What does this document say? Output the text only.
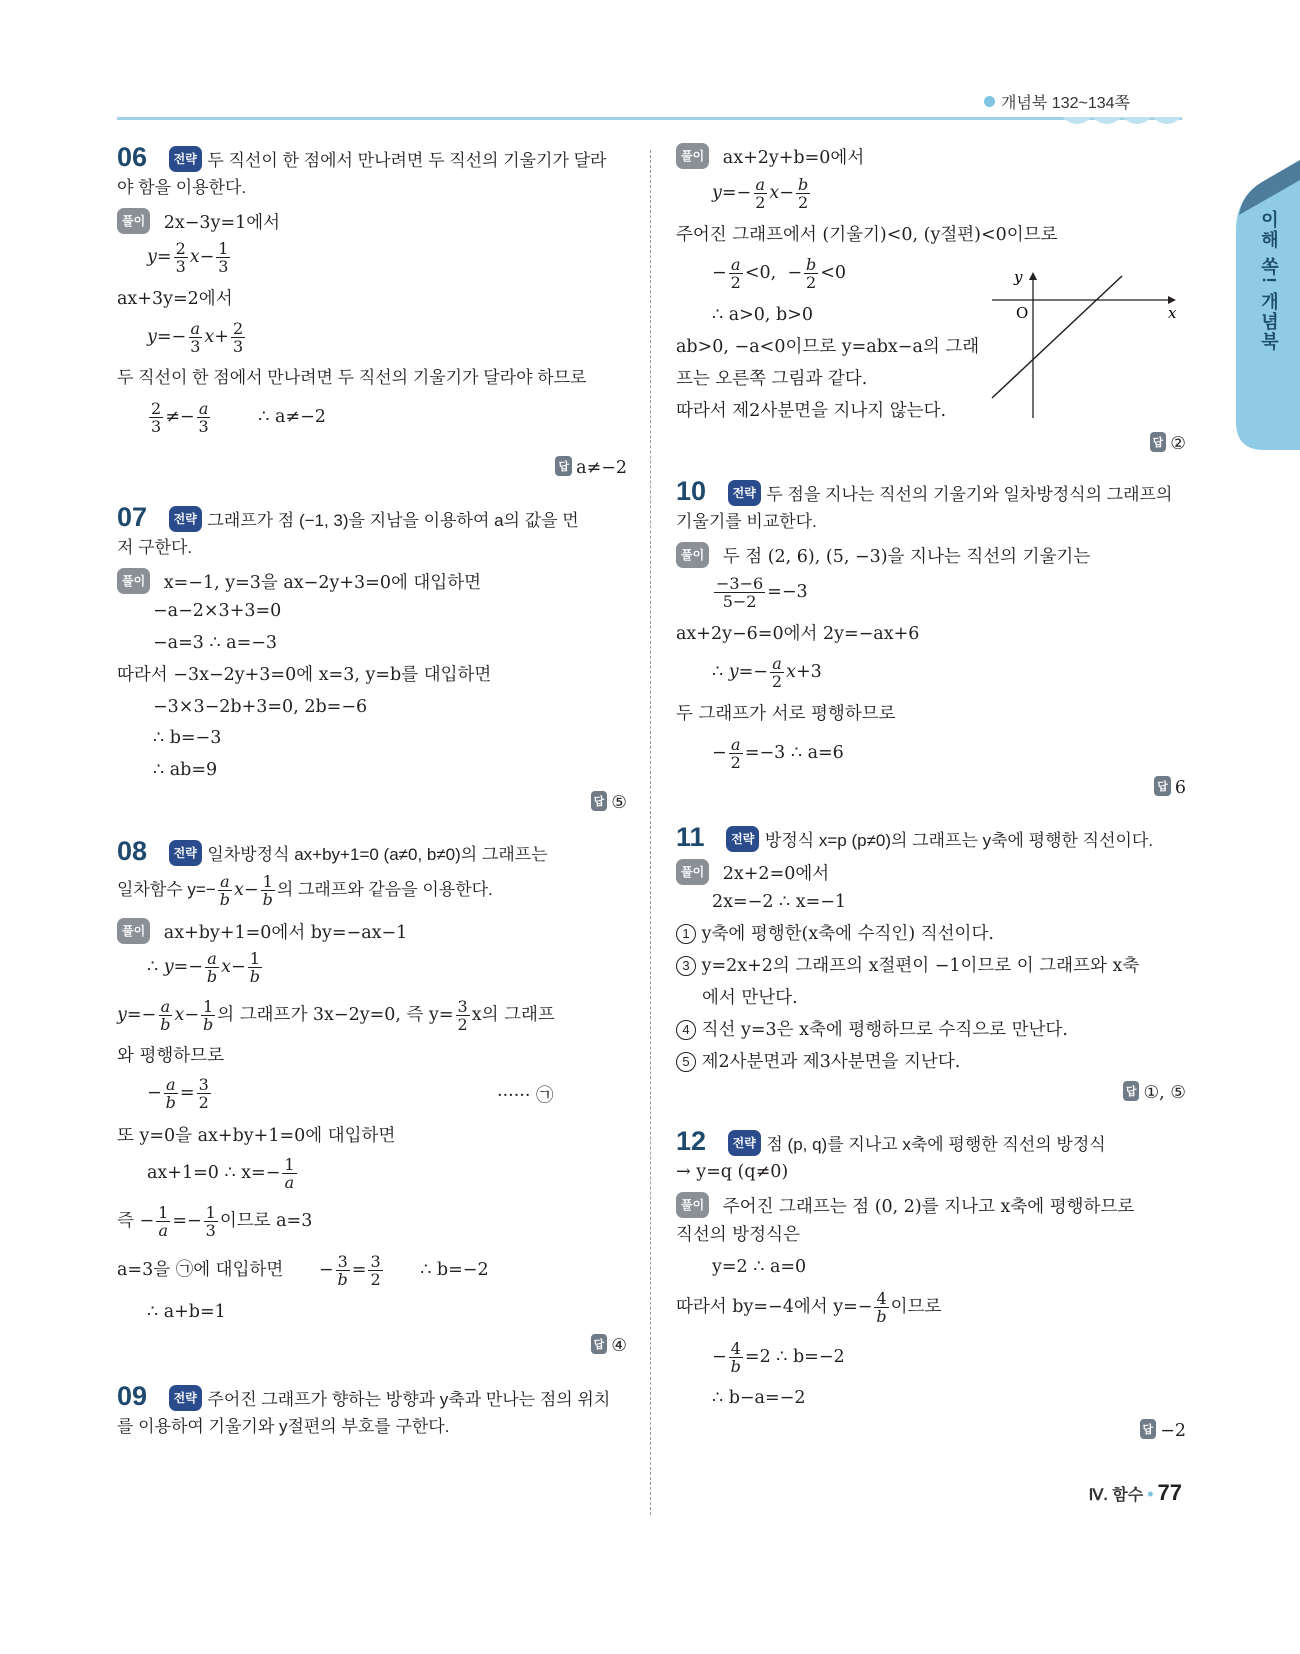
개념북 132~134쪽
이해 쏙! 개념북
06 전략 두 직선이 한 점에서 만나려면 두 직선의 기울기가 달라
야 함을 이용한다.
풀이 2x−3y=1에서
$y= \frac{2}{3} x- \frac{1}{3}$
ax+3y=2에서
$y=- \frac{a}{3} x+ \frac{2}{3}$
두 직선이 한 점에서 만나려면 두 직선의 기울기가 달라야 하므로
$\frac{2}{3} \ne- \frac{a}{3}$	∴ a≠−2
답 a≠−2
07 전략 그래프가 점 (−1, 3)을 지남을 이용하여 a의 값을 먼
저 구한다.
풀이 x=−1, y=3을 ax−2y+3=0에 대입하면
−a−2×3+3=0
−a=3 ∴ a=−3
따라서 −3x−2y+3=0에 x=3, y=b를 대입하면
−3×3−2b+3=0, 2b=−6
∴ b=−3
∴ ab=9
답 ⑤
08 전략 일차방정식 ax+by+1=0 (a≠0, b≠0)의 그래프는
일차함수 $y=- \frac{a}{b} x- \frac{1}{b}$ 의 그래프와 같음을 이용한다.
풀이 ax+by+1=0에서 by=−ax−1
∴ $y=- \frac{a}{b} x- \frac{1}{b}$
$y=- \frac{a}{b} x- \frac{1}{b}$ 의 그래프가 3x−2y=0, 즉 $y= \frac{3}{2}$ x의 그래프
와 평행하므로
− $\frac{a}{b} = \frac{3}{2}$	······ ㉠
또 y=0을 ax+by+1=0에 대입하면
ax+1=0 ∴ $x=- \frac{1}{a}$
즉 − $\frac{1}{a} =- \frac{1}{3}$ 이므로 a=3
a=3을 ㉠에 대입하면 − $\frac{3}{b} = \frac{3}{2}$ ∴ b=−2
∴ a+b=1
답 ④
09 전략 주어진 그래프가 향하는 방향과 y축과 만나는 점의 위치
를 이용하여 기울기와 y절편의 부호를 구한다.
풀이 ax+2y+b=0에서
$y=- \frac{a}{2} x- \frac{b}{2}$
주어진 그래프에서 (기울기)<0, (y절편)<0이므로
− $\frac{a}{2} <0$,  − $\frac{b}{2} <0$
∴ a>0, b>0
ab>0, −a<0이므로 y=abx−a의 그래
프는 오른쪽 그림과 같다.
따라서 제2사분면을 지나지 않는다.
답 ②
10 전략 두 점을 지나는 직선의 기울기와 일차방정식의 그래프의
기울기를 비교한다.
풀이 두 점 (2, 6), (5, −3)을 지나는 직선의 기울기는
$\frac{-3-6}{5-2} =-3$
ax+2y−6=0에서 2y=−ax+6
∴ $y=- \frac{a}{2} x+3$
두 그래프가 서로 평행하므로
− $\frac{a}{2} =-3$ ∴ a=6
답 6
11 전략 방정식 x=p (p≠0)의 그래프는 y축에 평행한 직선이다.
풀이 2x+2=0에서
2x=−2 ∴ x=−1
1 y축에 평행한(x축에 수직인) 직선이다.
3 y=2x+2의 그래프의 x절편이 −1이므로 이 그래프와 x축
에서 만난다.
4 직선 y=3은 x축에 평행하므로 수직으로 만난다.
5 제2사분면과 제3사분면을 지난다.
답 ①, ⑤
12 전략 점 (p, q)를 지나고 x축에 평행한 직선의 방정식
→ y=q (q≠0)
풀이 주어진 그래프는 점 (0, 2)를 지나고 x축에 평행하므로
직선의 방정식은
y=2 ∴ a=0
따라서 by=−4에서 $y=- \frac{4}{b}$ 이므로
− $\frac{4}{b} =2$ ∴ b=−2
∴ b−a=−2
답 −2
x
y
O
Ⅳ. 함수 • 77
